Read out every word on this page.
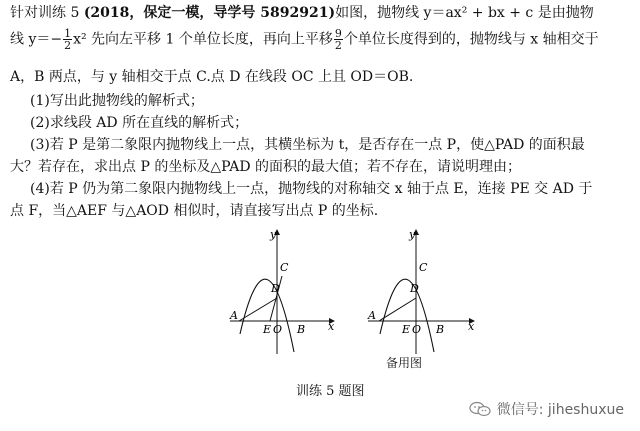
针对训练 5 (2018，保定一模，导学号 5892921)如图，抛物线 y＝ax² + bx + c 是由抛物
线 $y=- \frac{1}{2} x^2$ 先向左平移 1 个单位长度，再向上平移 $\frac{9}{2}$ 个单位长度得到的，抛物线与 x 轴相交于
A，B 两点，与 y 轴相交于点 C.点 D 在线段 OC 上且 OD＝OB.
(1)写出此抛物线的解析式；
(2)求线段 AD 所在直线的解析式；
(3)若 P 是第二象限内抛物线上一点，其横坐标为 t，是否存在一点 P，使△PAD 的面积最
大？若存在，求出点 P 的坐标及△PAD 的面积的最大值；若不存在，请说明理由；
(4)若 P 仍为第二象限内抛物线上一点，抛物线的对称轴交 x 轴于点 E，连接 PE 交 AD 于
点 F，当△AEF 与△AOD 相似时，请直接写出点 P 的坐标.
y
x
C
D
A
E O B
y
x
C
D
A
E O B
备用图
训练 5 题图
微信号: jiheshuxue
